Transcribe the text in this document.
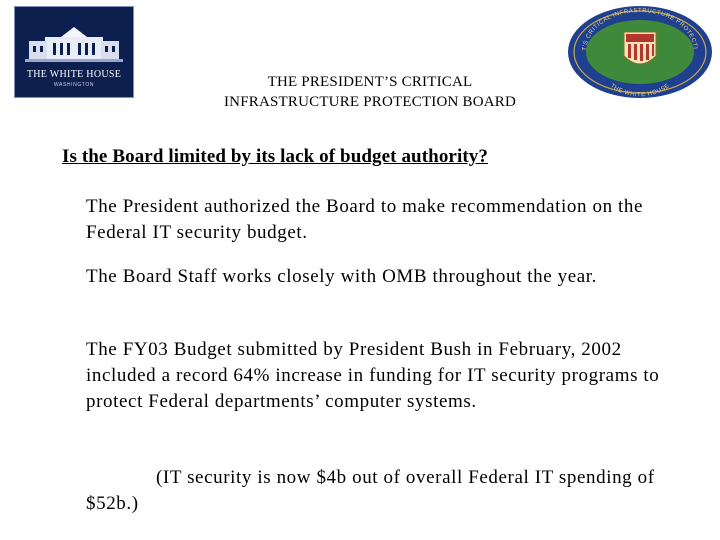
THE WHITE HOUSE
WASHINGTON
T'S CRITICAL INFRASTRUCTURE PROTECTI
THE WHITE HOUSE
THE PRESIDENT’S CRITICAL
INFRASTRUCTURE PROTECTION BOARD
Is the Board limited by its lack of budget authority?
The President authorized the Board to make recommendation on the Federal IT security budget.
The Board Staff works closely with OMB throughout the year.
The FY03 Budget submitted by President Bush in February, 2002 included a record 64% increase in funding for IT security programs to protect Federal departments’ computer systems.
(IT security is now $4b out of overall Federal IT spending of $52b.)
